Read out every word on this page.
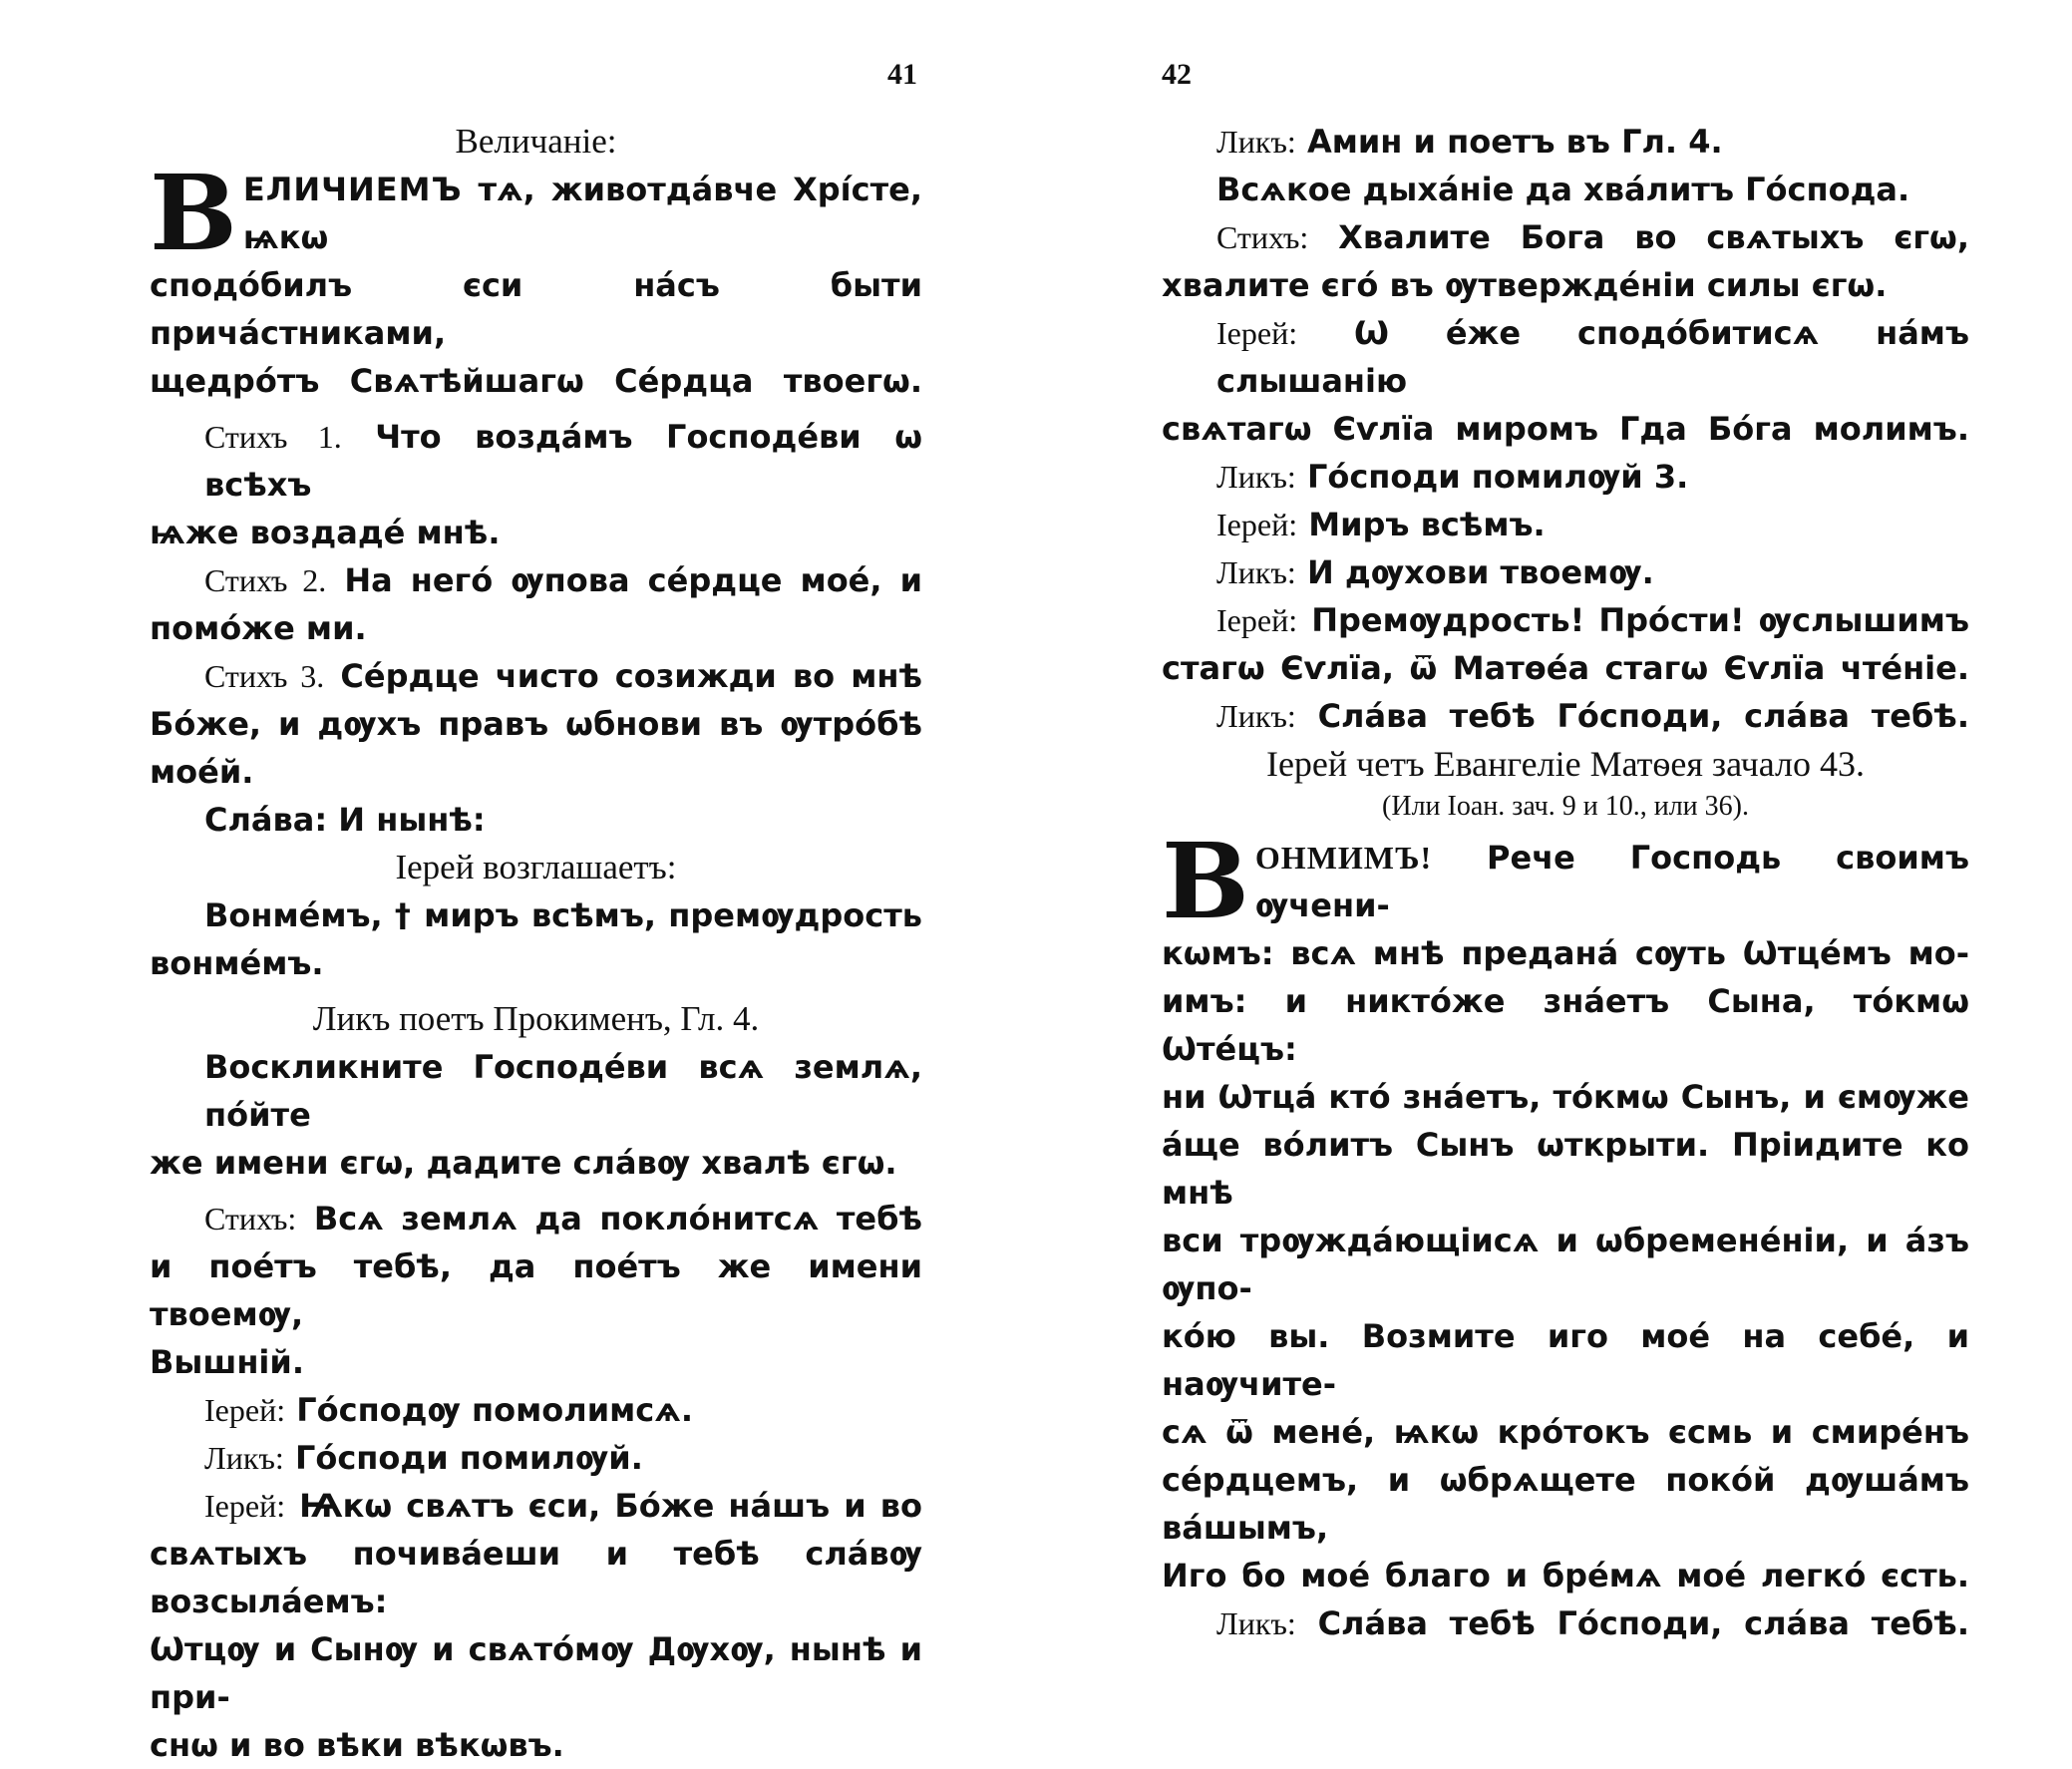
41
Величаніе:
В ЕЛИЧИЕМЪ тѧ, животдáвче Хрíсте, ѩкѡ
сподóбилъ єси нáсъ быти причáстниками,
щедрóтъ Свѧтѣйшагѡ Сéрдца твоегѡ.
Стихъ 1. Что воздáмъ Господéви ѡ всѣхъ
ѩже воздадé мнѣ.
Стихъ 2. На негó ѹпова сéрдце моé, и
помóже ми.
Стихъ 3. Сéрдце чисто созижди во мнѣ
Бóже, и дѹхъ правъ ѡбнови въ ѹтрóбѣ моéй.
Слáва: И нынѣ:
Іерей возглашаетъ:
Вонмéмъ, † миръ всѣмъ, премѹдрость
вонмéмъ.
Ликъ поетъ Прокименъ, Гл. 4.
Воскликните Господéви всѧ землѧ, пóйте
же имени єгѡ, дадите слáвѹ хвалѣ єгѡ.
Стихъ: Всѧ землѧ да поклóнитсѧ тебѣ
и поéтъ тебѣ, да поéтъ же имени твоемѹ,
Вышній.
Іерей: Гóсподѹ помолимсѧ.
Ликъ: Гóсподи помилѹй.
Іерей: Ѩкѡ свѧтъ єси, Бóже нáшъ и во
свѧтыхъ почивáеши и тебѣ слáвѹ возсылáемъ:
Ѡтцѹ и Сынѹ и свѧтóмѹ Дѹхѹ, нынѣ и при-
снѡ и во вѣки вѣкѡвъ.
42
Ликъ: Амин и поетъ въ Гл. 4.
Всѧкое дыхáніе да хвáлитъ Гóспода.
Стихъ: Хвалите Бога во свѧтыхъ єгѡ,
хвалите єгó въ ѹтверждéніи силы єгѡ.
Іерей: Ѡ éже сподóбитисѧ нáмъ слышанію
свѧтагѡ Єѵлїа миромъ Гда Бóга молимъ.
Ликъ: Гóсподи помилѹй 3.
Іерей: Миръ всѣмъ.
Ликъ: И дѹхови твоемѹ.
Іерей: Премѹдрость! Прóсти! ѹслышимъ
стагѡ Єѵлїа, ѿ Матѳéа стагѡ Єѵлїа чтéніе.
Ликъ: Слáва тебѣ Гóсподи, слáва тебѣ.
Іерей четъ Евангеліе Матѳея зачало 43.
(Или Іоан. зач. 9 и 10., или 36).
В ОНМИМЪ! Рече Господь своимъ ѹчени-
кѡмъ: всѧ мнѣ преданá сѹть Ѡтцéмъ мо-
имъ: и никтóже знáетъ Сына, тóкмѡ Ѡтéцъ:
ни Ѡтцá ктó знáетъ, тóкмѡ Сынъ, и ємѹже
áще вóлитъ Сынъ ѡткрыти. Пріидите ко мнѣ
вси трѹждáющіисѧ и ѡбременéніи, и áзъ ѹпо-
кóю вы. Возмите иго моé на себé, и наѹчите-
сѧ ѿ менé, ѩкѡ крóтокъ єсмь и смирéнъ
сéрдцемъ, и ѡбрѧщете покóй дѹшáмъ вáшымъ,
Иго бо моé благо и брéмѧ моé легкó єсть.
Ликъ: Слáва тебѣ Гóсподи, слáва тебѣ.
